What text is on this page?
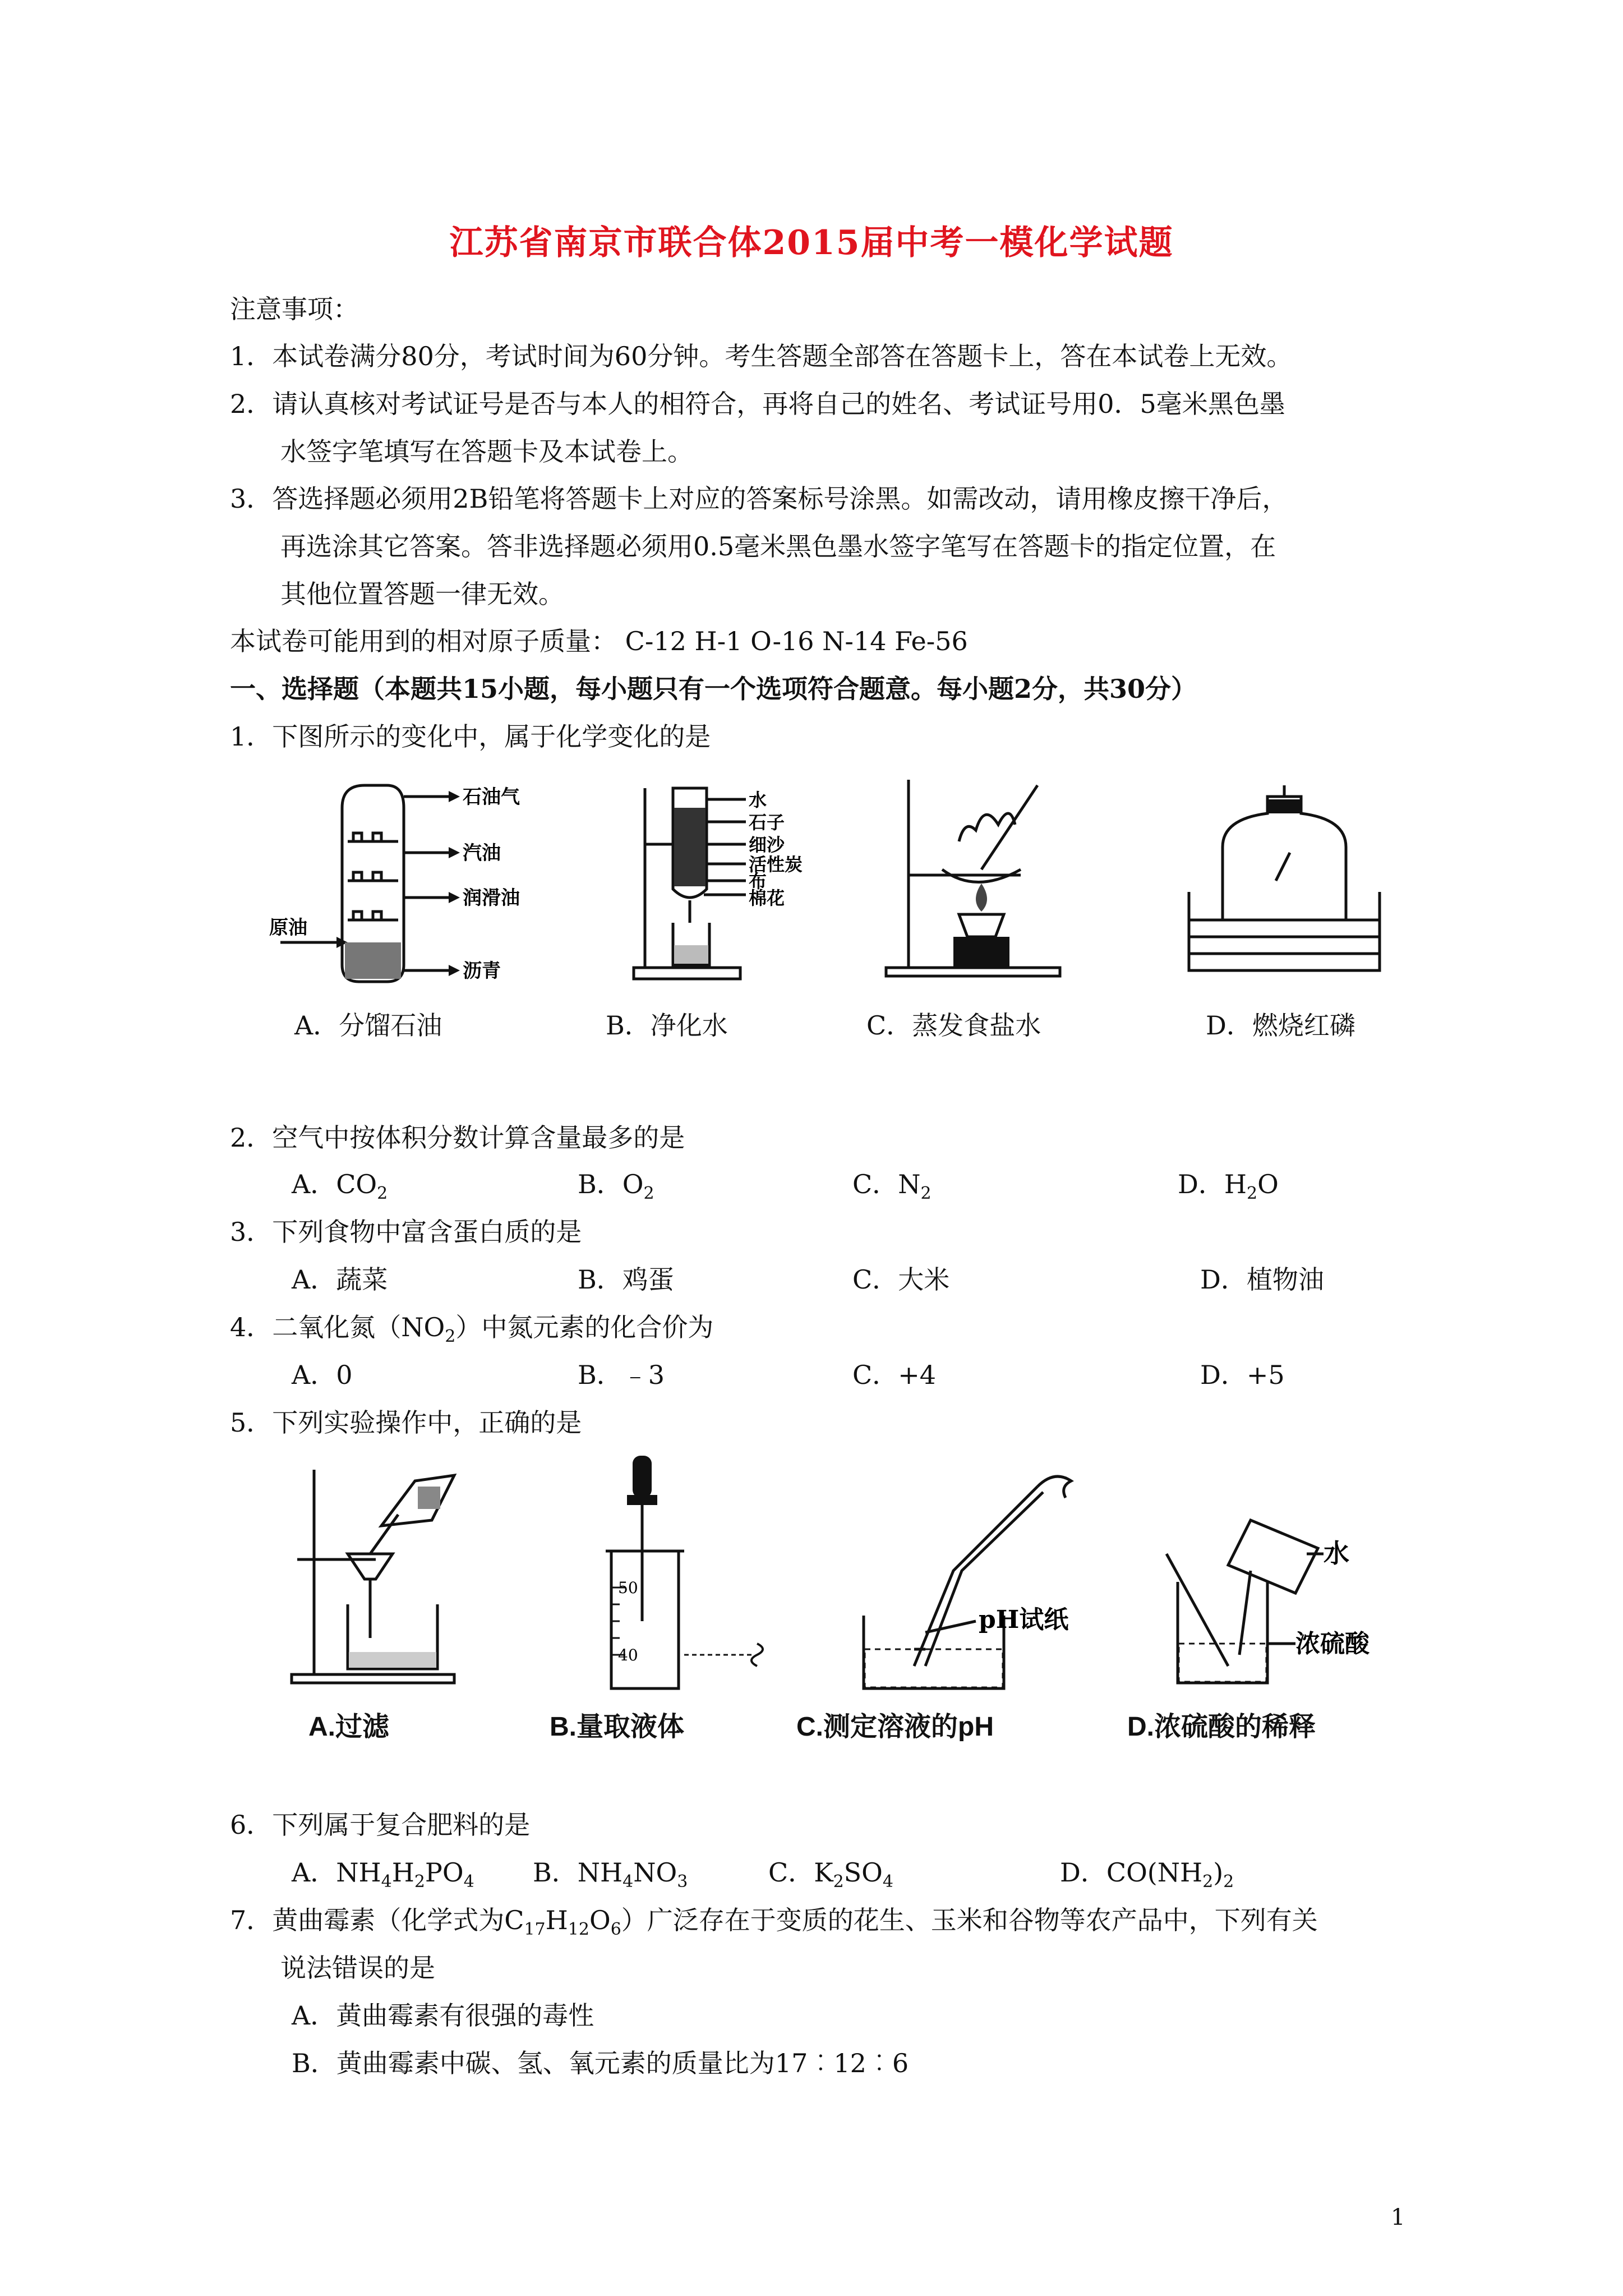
江苏省南京市联合体2015届中考一模化学试题
注意事项：
1．本试卷满分80分，考试时间为60分钟。考生答题全部答在答题卡上，答在本试卷上无效。
2．请认真核对考试证号是否与本人的相符合，再将自己的姓名、考试证号用0．5毫米黑色墨
水签字笔填写在答题卡及本试卷上。
3．答选择题必须用2B铅笔将答题卡上对应的答案标号涂黑。如需改动，请用橡皮擦干净后，
再选涂其它答案。答非选择题必须用0.5毫米黑色墨水签字笔写在答题卡的指定位置，在
其他位置答题一律无效。
本试卷可能用到的相对原子质量： C-12 H-1 O-16 N-14 Fe-56
一、选择题（本题共15小题，每小题只有一个选项符合题意。每小题2分，共30分）
1．下图所示的变化中，属于化学变化的是
石油气
汽油
润滑油
原油
沥青
水
石子
细沙
活性炭
布
棉花
A．分馏石油	B．净化水	C．蒸发食盐水	D．燃烧红磷
2．空气中按体积分数计算含量最多的是
A．$CO_2$	B．$O_2$	C．$N_2$	D．$H_2O$
3．下列食物中富含蛋白质的是
A．蔬菜	B．鸡蛋	C．大米	D．植物油
4．二氧化氮$(NO_2)$中氮元素的化合价为
A．0	B．﹣3	C．+4	D．+5
5．下列实验操作中，正确的是
50
40
pH试纸
水
浓硫酸
A.过滤	B.量取液体	C.测定溶液的pH	D.浓硫酸的稀释
6．下列属于复合肥料的是
A．$NH_4H_2PO_4$ B．$NH_4NO_3$	C．$K_2SO_4$	D．$CO(NH_2)_2$
7．黄曲霉素（化学式为$C_{17}H_{12}O_6$）广泛存在于变质的花生、玉米和谷物等农产品中，下列有关
说法错误的是
A．黄曲霉素有很强的毒性
B．黄曲霉素中碳、氢、氧元素的质量比为17︰12︰6
1
